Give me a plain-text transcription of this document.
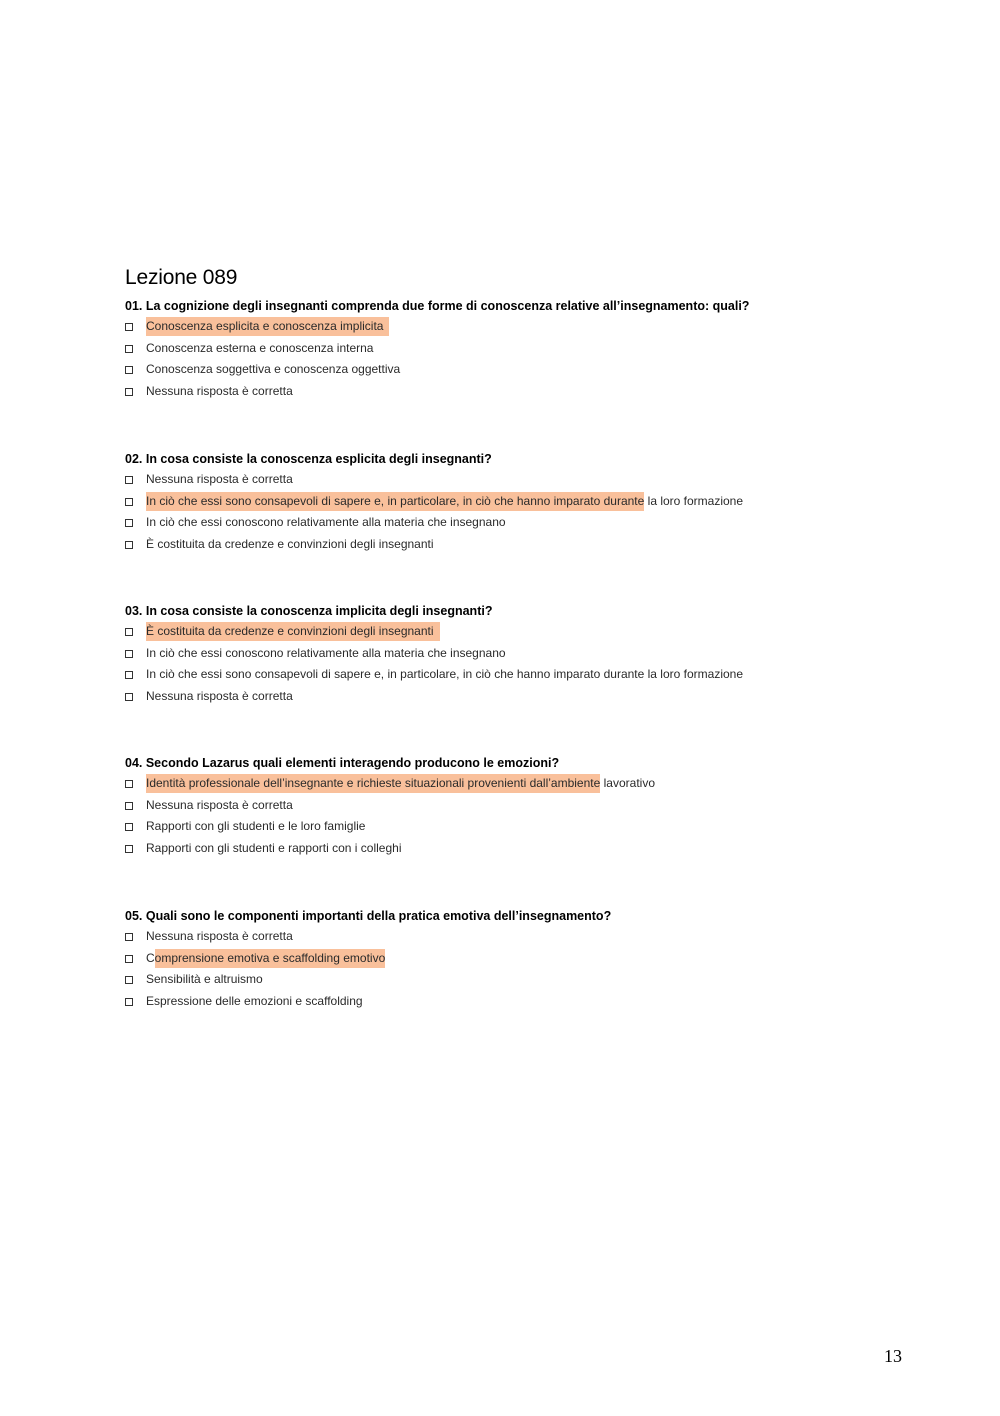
Lezione 089

01. La cognizione degli insegnanti comprenda due forme di conoscenza relative all’insegnamento: quali?

Conoscenza esplicita e conoscenza implicita
Conoscenza esterna e conoscenza interna
Conoscenza soggettiva e conoscenza oggettiva
Nessuna risposta è corretta

02. In cosa consiste la conoscenza esplicita degli insegnanti?

Nessuna risposta è corretta
In ciò che essi sono consapevoli di sapere e, in particolare, in ciò che hanno imparato durante la loro formazione
In ciò che essi conoscono relativamente alla materia che insegnano
È costituita da credenze e convinzioni degli insegnanti

03. In cosa consiste la conoscenza implicita degli insegnanti?

È costituita da credenze e convinzioni degli insegnanti
In ciò che essi conoscono relativamente alla materia che insegnano
In ciò che essi sono consapevoli di sapere e, in particolare, in ciò che hanno imparato durante la loro formazione
Nessuna risposta è corretta

04. Secondo Lazarus quali elementi interagendo producono le emozioni?

Identità professionale dell’insegnante e richieste situazionali provenienti dall’ambiente lavorativo
Nessuna risposta è corretta
Rapporti con gli studenti e le loro famiglie
Rapporti con gli studenti e rapporti con i colleghi

05. Quali sono le componenti importanti della pratica emotiva dell’insegnamento?

Nessuna risposta è corretta
Comprensione emotiva e scaffolding emotivo
Sensibilità e altruismo
Espressione delle emozioni e scaffolding
13
